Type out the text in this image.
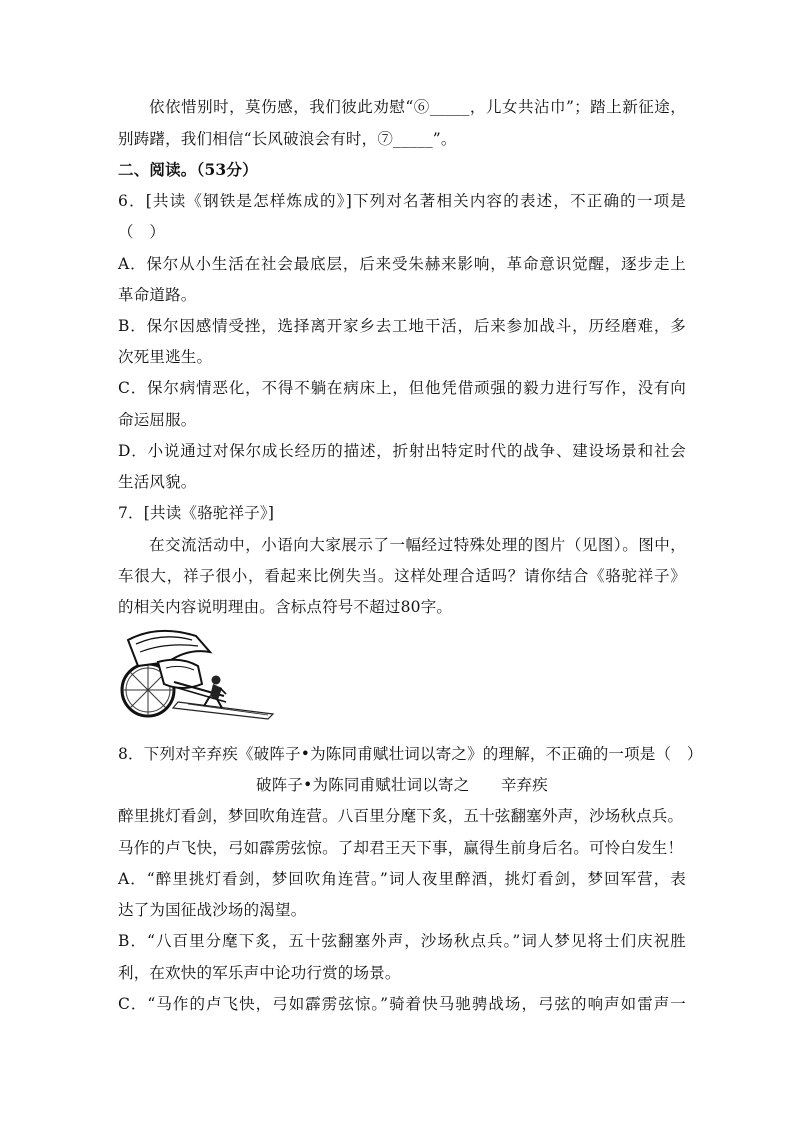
依依惜别时，莫伤感，我们彼此劝慰“⑥_____，儿女共沾巾”；踏上新征途，
别踌躇，我们相信“长风破浪会有时，⑦_____”。
二、阅读。（53分）
6．[共读《钢铁是怎样炼成的》]下列对名著相关内容的表述，不正确的一项是
（　）
A．保尔从小生活在社会最底层，后来受朱赫来影响，革命意识觉醒，逐步走上
革命道路。
B．保尔因感情受挫，选择离开家乡去工地干活，后来参加战斗，历经磨难，多
次死里逃生。
C．保尔病情恶化，不得不躺在病床上，但他凭借顽强的毅力进行写作，没有向
命运屈服。
D．小说通过对保尔成长经历的描述，折射出特定时代的战争、建设场景和社会
生活风貌。
7．[共读《骆驼祥子》]
在交流活动中，小语向大家展示了一幅经过特殊处理的图片（见图）。图中，
车很大，祥子很小，看起来比例失当。这样处理合适吗？请你结合《骆驼祥子》
的相关内容说明理由。含标点符号不超过80字。
8．下列对辛弃疾《破阵子•为陈同甫赋壮词以寄之》的理解，不正确的一项是（　）
破阵子•为陈同甫赋壮词以寄之　　辛弃疾
醉里挑灯看剑，梦回吹角连营。八百里分麾下炙，五十弦翻塞外声，沙场秋点兵。
马作的卢飞快，弓如霹雳弦惊。了却君王天下事，赢得生前身后名。可怜白发生！
A．“醉里挑灯看剑，梦回吹角连营。”词人夜里醉酒，挑灯看剑，梦回军营，表
达了为国征战沙场的渴望。
B．“八百里分麾下炙，五十弦翻塞外声，沙场秋点兵。”词人梦见将士们庆祝胜
利，在欢快的军乐声中论功行赏的场景。
C．“马作的卢飞快，弓如霹雳弦惊。”骑着快马驰骋战场，弓弦的响声如雷声一
